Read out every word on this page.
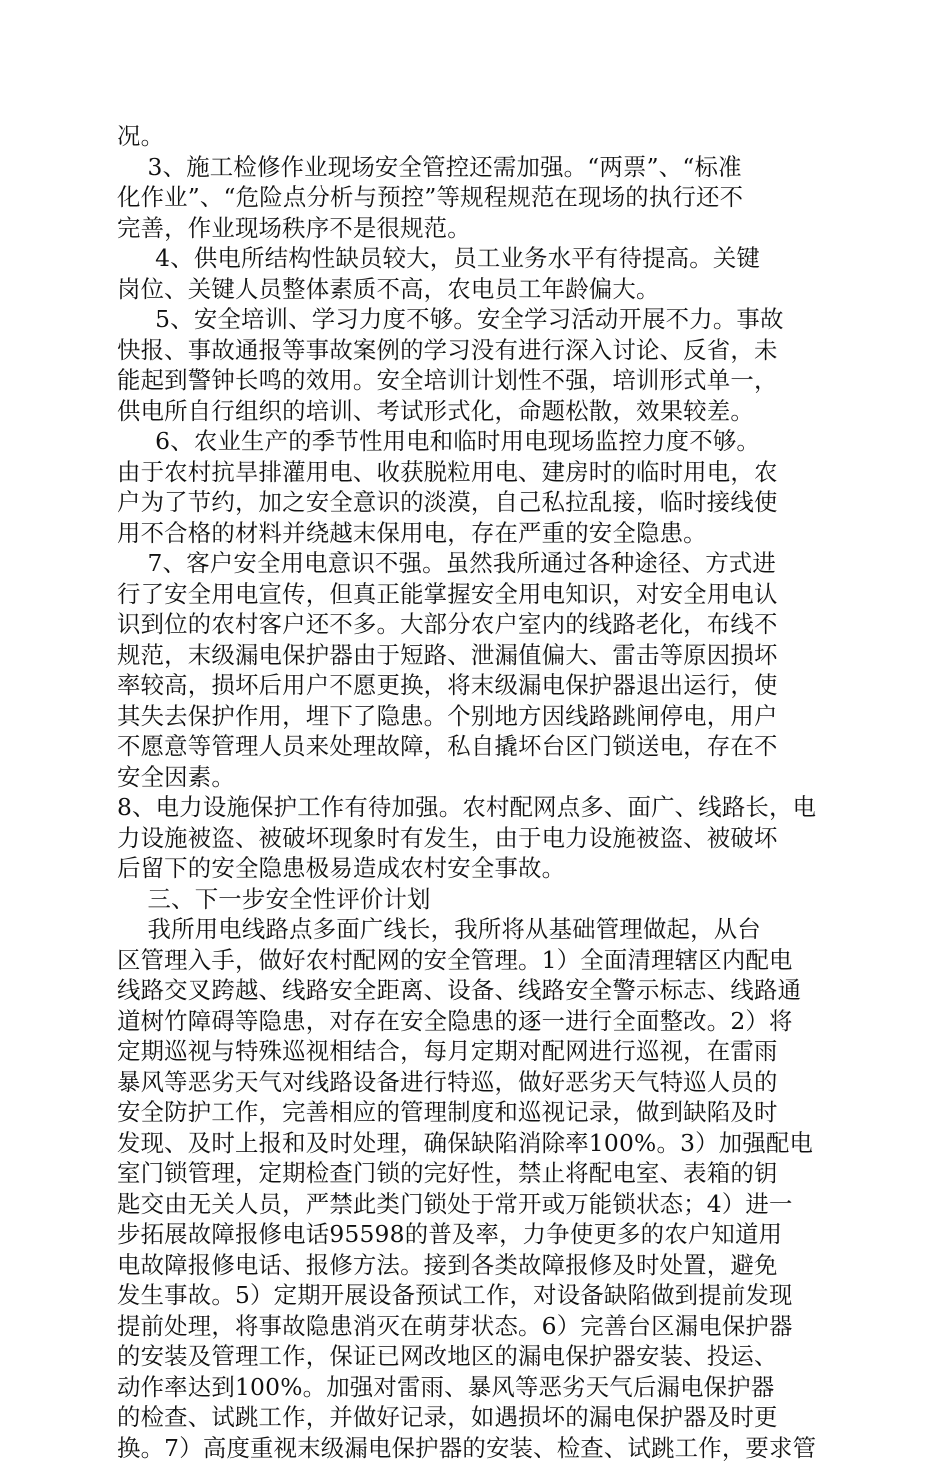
况。
3、施工检修作业现场安全管控还需加强。“两票”、“标准
化作业”、“危险点分析与预控”等规程规范在现场的执行还不
完善，作业现场秩序不是很规范。
4、供电所结构性缺员较大，员工业务水平有待提高。关键
岗位、关键人员整体素质不高，农电员工年龄偏大。
5、安全培训、学习力度不够。安全学习活动开展不力。事故
快报、事故通报等事故案例的学习没有进行深入讨论、反省，未
能起到警钟长鸣的效用。安全培训计划性不强，培训形式单一，
供电所自行组织的培训、考试形式化，命题松散，效果较差。
6、农业生产的季节性用电和临时用电现场监控力度不够。
由于农村抗旱排灌用电、收获脱粒用电、建房时的临时用电，农
户为了节约，加之安全意识的淡漠，自己私拉乱接，临时接线使
用不合格的材料并绕越末保用电，存在严重的安全隐患。
7、客户安全用电意识不强。虽然我所通过各种途径、方式进
行了安全用电宣传，但真正能掌握安全用电知识，对安全用电认
识到位的农村客户还不多。大部分农户室内的线路老化，布线不
规范，末级漏电保护器由于短路、泄漏值偏大、雷击等原因损坏
率较高，损坏后用户不愿更换，将末级漏电保护器退出运行，使
其失去保护作用，埋下了隐患。个别地方因线路跳闸停电，用户
不愿意等管理人员来处理故障，私自撬坏台区门锁送电，存在不
安全因素。
8、电力设施保护工作有待加强。农村配网点多、面广、线路长，电
力设施被盗、被破坏现象时有发生，由于电力设施被盗、被破坏
后留下的安全隐患极易造成农村安全事故。
三、下一步安全性评价计划
我所用电线路点多面广线长，我所将从基础管理做起，从台
区管理入手，做好农村配网的安全管理。1）全面清理辖区内配电
线路交叉跨越、线路安全距离、设备、线路安全警示标志、线路通
道树竹障碍等隐患，对存在安全隐患的逐一进行全面整改。2）将
定期巡视与特殊巡视相结合，每月定期对配网进行巡视，在雷雨
暴风等恶劣天气对线路设备进行特巡，做好恶劣天气特巡人员的
安全防护工作，完善相应的管理制度和巡视记录，做到缺陷及时
发现、及时上报和及时处理，确保缺陷消除率100%。3）加强配电
室门锁管理，定期检查门锁的完好性，禁止将配电室、表箱的钥
匙交由无关人员，严禁此类门锁处于常开或万能锁状态；4）进一
步拓展故障报修电话95598的普及率，力争使更多的农户知道用
电故障报修电话、报修方法。接到各类故障报修及时处置，避免
发生事故。5）定期开展设备预试工作，对设备缺陷做到提前发现
提前处理，将事故隐患消灭在萌芽状态。6）完善台区漏电保护器
的安装及管理工作，保证已网改地区的漏电保护器安装、投运、
动作率达到100%。加强对雷雨、暴风等恶劣天气后漏电保护器
的检查、试跳工作，并做好记录，如遇损坏的漏电保护器及时更
换。7）高度重视末级漏电保护器的安装、检查、试跳工作，要求管
